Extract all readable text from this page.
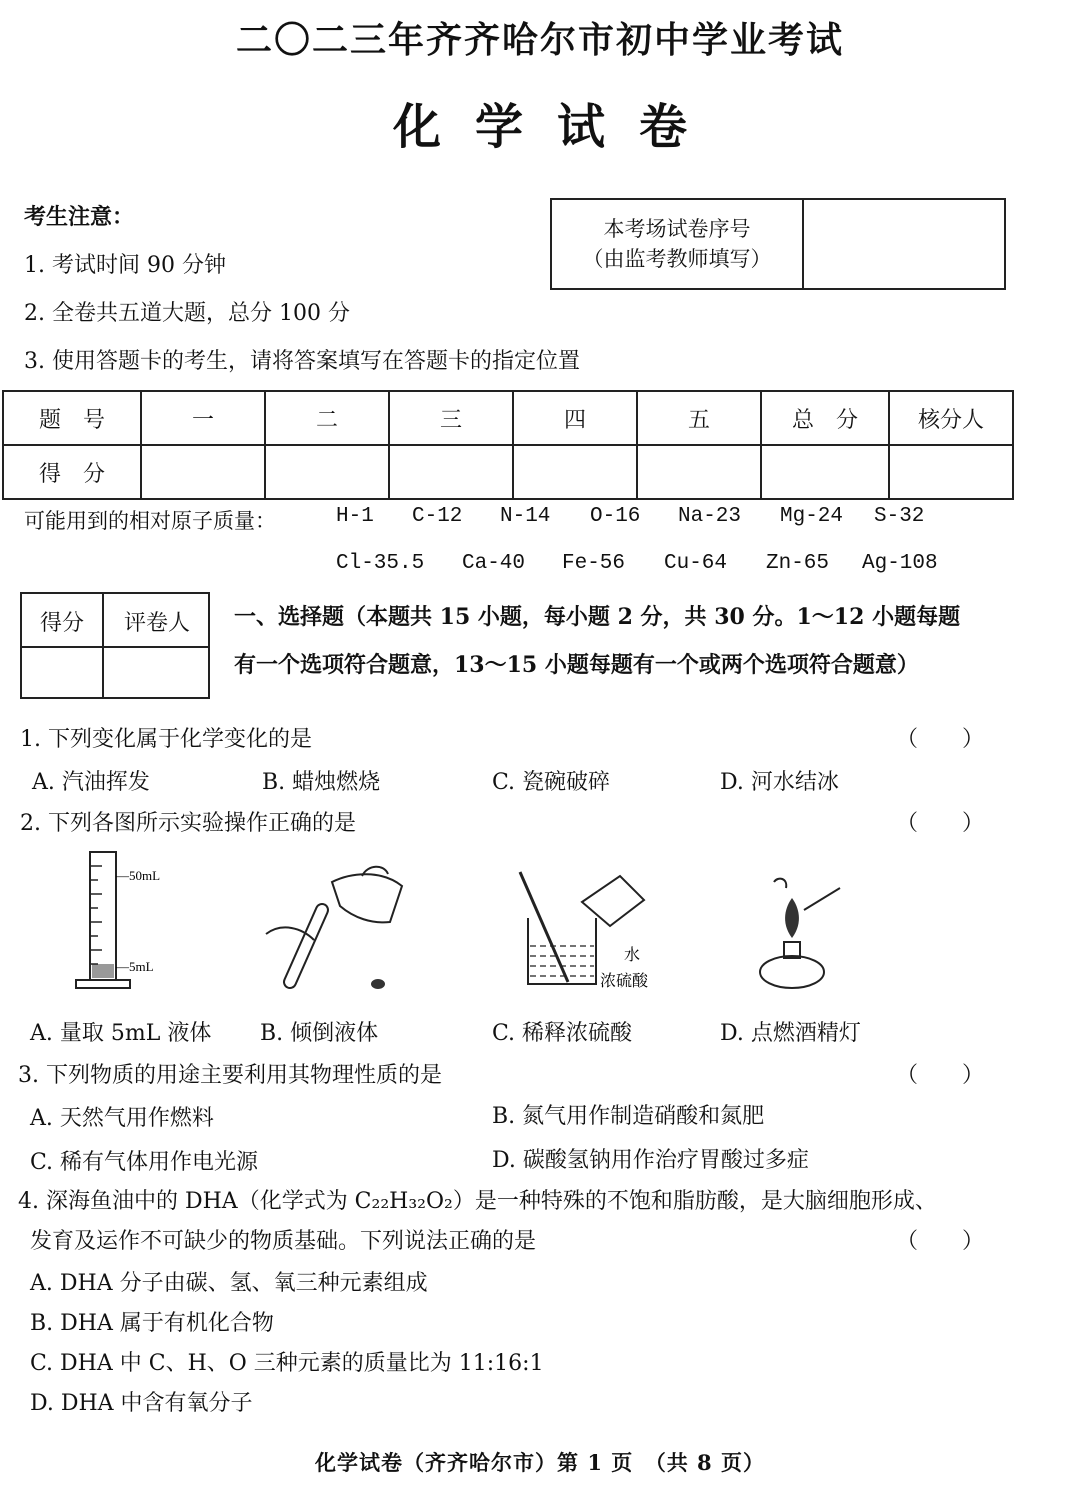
二〇二三年齐齐哈尔市初中学业考试
化学试卷
考生注意：
1. 考试时间 90 分钟
2. 全卷共五道大题，总分 100 分
3. 使用答题卡的考生，请将答案填写在答题卡的指定位置
本考场试卷序号
（由监考教师填写）
题　号	一	二	三	四	五	总　分	核分人
得　分							
可能用到的相对原子质量：	H-1 C-12 N-14 O-16 Na-23 Mg-24 S-32
Cl-35.5 Ca-40 Fe-56 Cu-64 Zn-65 Ag-108
得分	评卷人	一、选择题（本题共 15 小题，每小题 2 分，共 30 分。1～12 小题每题
有一个选项符合题意，13～15 小题每题有一个或两个选项符合题意）
1. 下列变化属于化学变化的是	（　　）
A. 汽油挥发	B. 蜡烛燃烧	C. 瓷碗破碎	D. 河水结冰
2. 下列各图所示实验操作正确的是	（　　）
—50mL
—5mL
水
浓硫酸
A. 量取 5mL 液体 B. 倾倒液体	C. 稀释浓硫酸	D. 点燃酒精灯
3. 下列物质的用途主要利用其物理性质的是	（　　）
A. 天然气用作燃料	B. 氮气用作制造硝酸和氮肥
C. 稀有气体用作电光源	D. 碳酸氢钠用作治疗胃酸过多症
4. 深海鱼油中的 DHA（化学式为 C₂₂H₃₂O₂）是一种特殊的不饱和脂肪酸，是大脑细胞形成、
发育及运作不可缺少的物质基础。下列说法正确的是	（　　）
A. DHA 分子由碳、氢、氧三种元素组成
B. DHA 属于有机化合物
C. DHA 中 C、H、O 三种元素的质量比为 11:16:1
D. DHA 中含有氧分子
化学试卷（齐齐哈尔市）第 1 页　（共 8 页）
